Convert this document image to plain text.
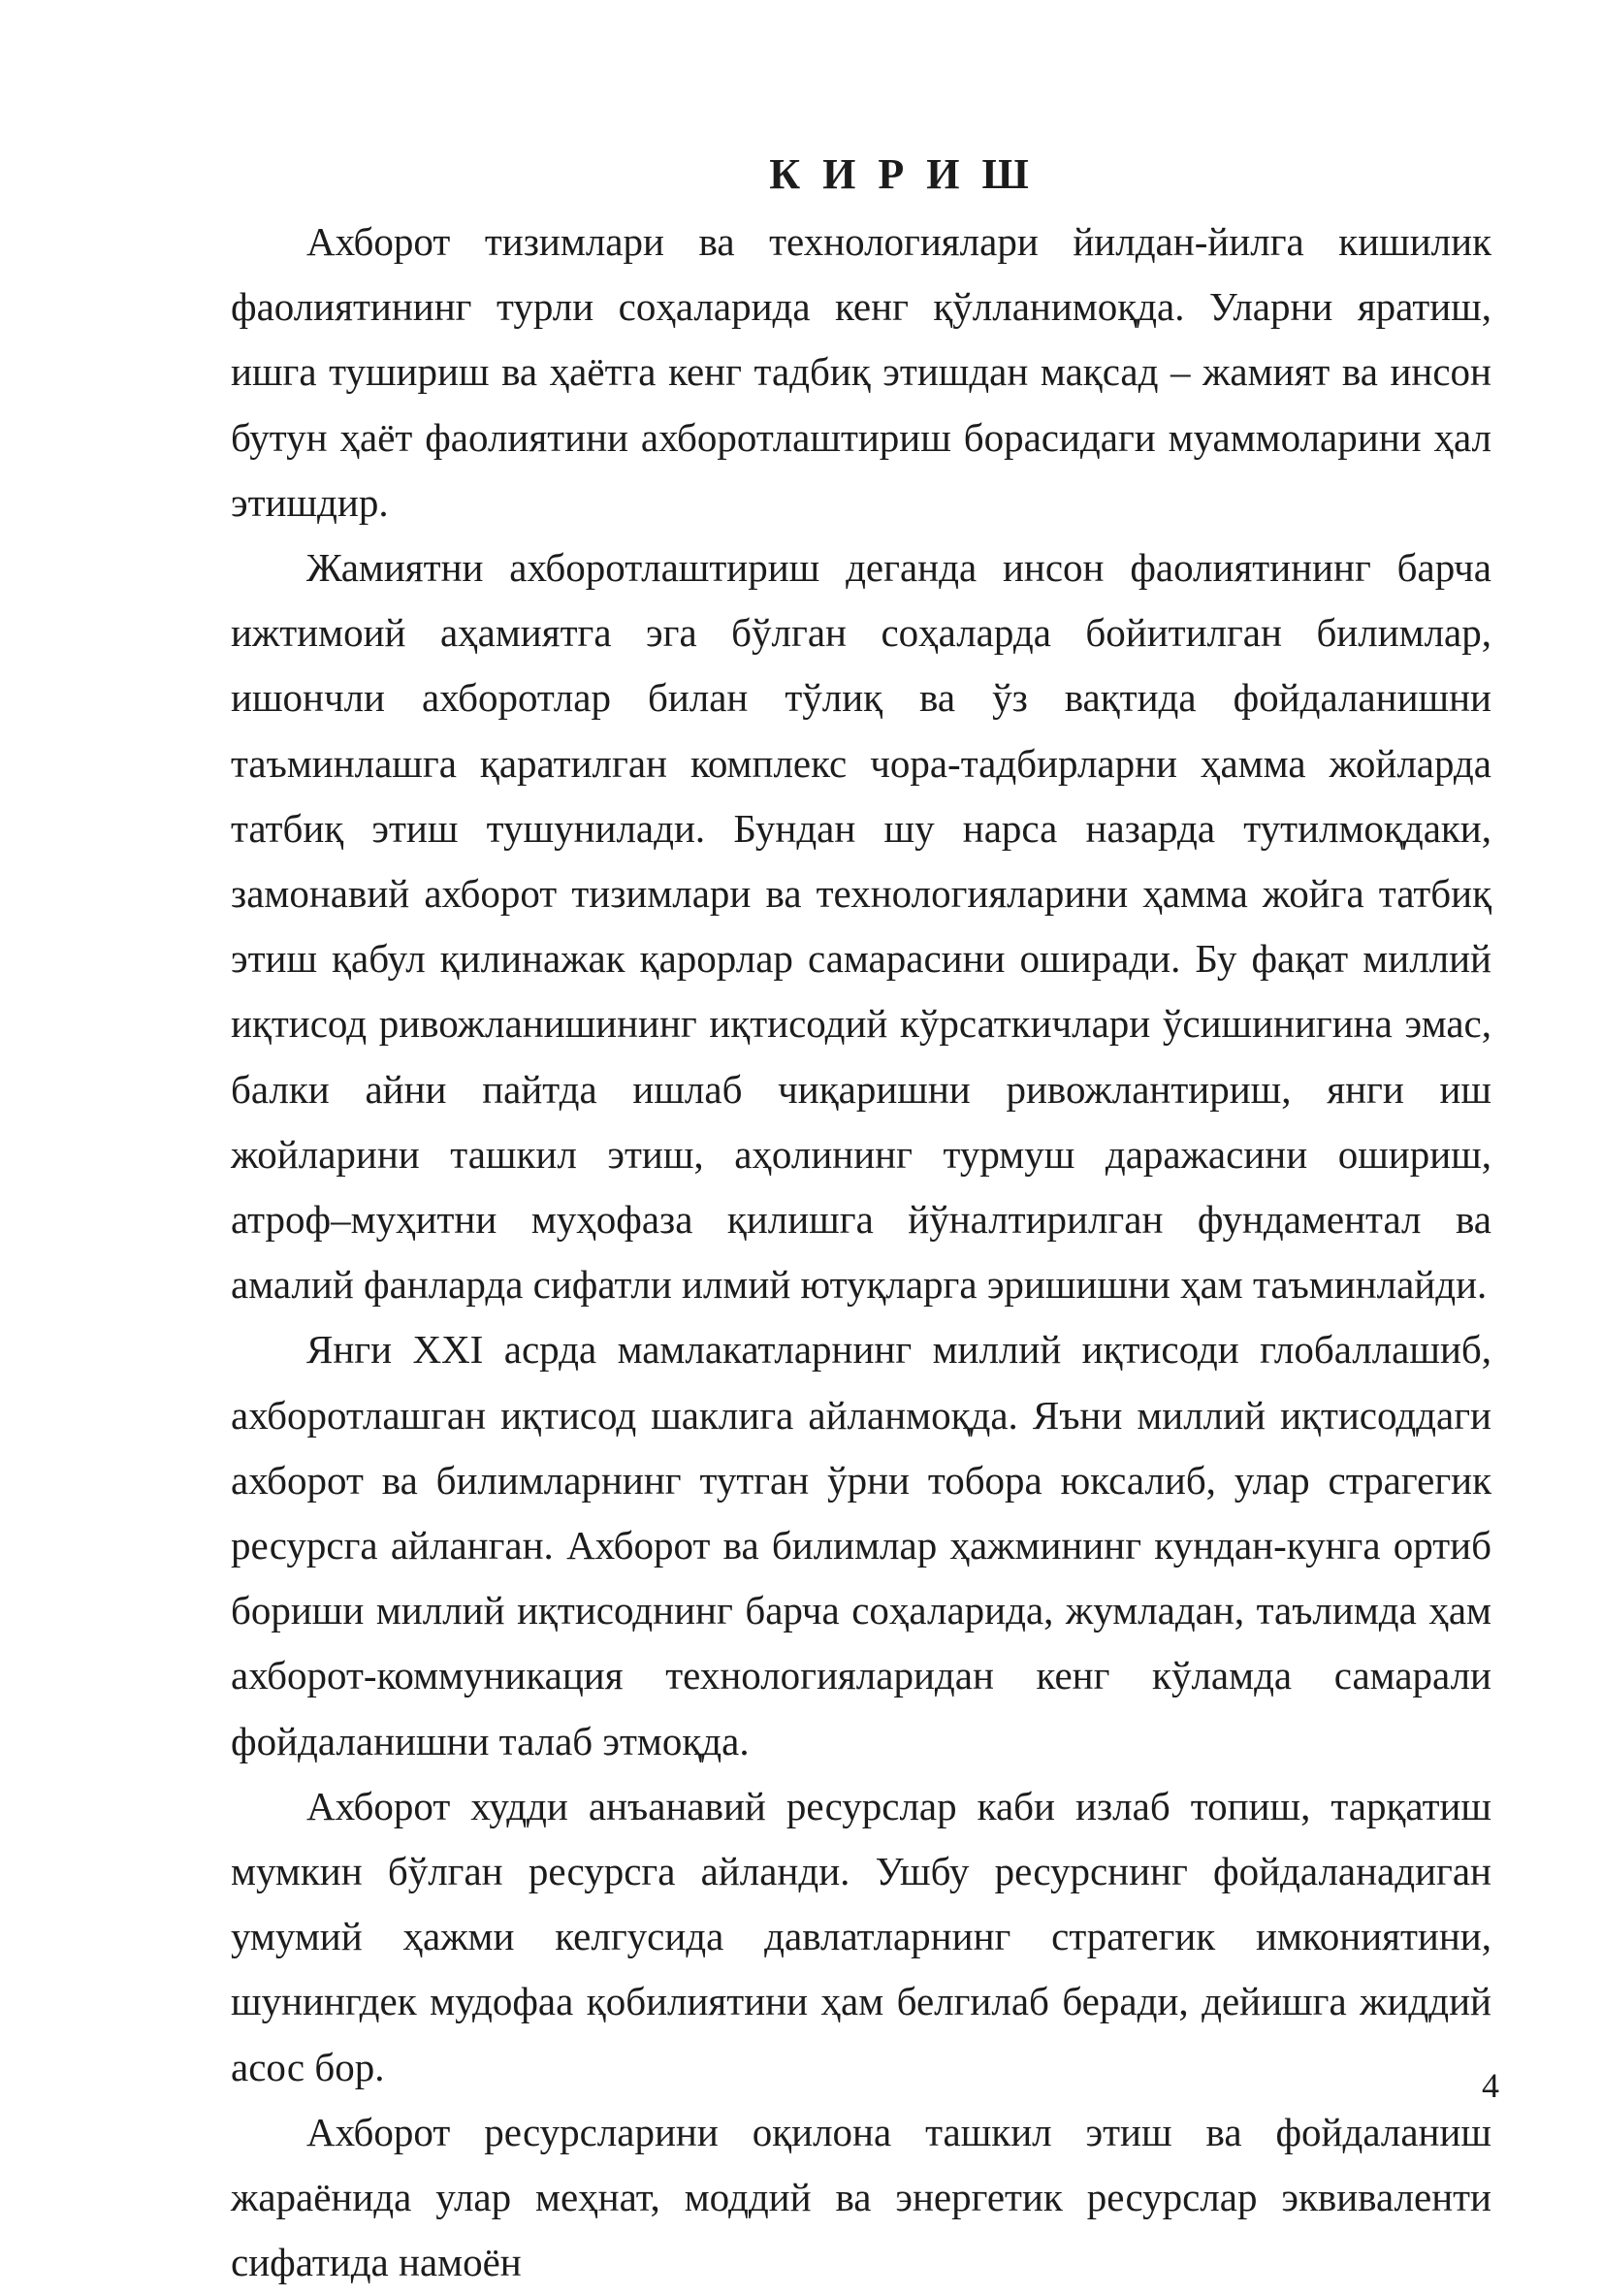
К И Р И Ш

Ахборот тизимлари ва технологиялари йилдан-йилга кишилик фаолиятининг турли соҳаларида кенг қўлланимоқда. Уларни яратиш, ишга тушириш ва ҳаётга кенг тадбиқ этишдан мақсад – жамият ва инсон бутун ҳаёт фаолиятини ахборотлаштириш борасидаги муаммоларини ҳал этишдир.

Жамиятни ахборотлаштириш деганда инсон фаолиятининг барча ижтимоий аҳамиятга эга бўлган соҳаларда бойитилган билимлар, ишончли ахборотлар билан тўлиқ ва ўз вақтида фойдаланишни таъминлашга қаратилган комплекс чора-тадбирларни ҳамма жойларда татбиқ этиш тушунилади. Бундан шу нарса назарда тутилмоқдаки, замонавий ахборот тизимлари ва технологияларини ҳамма жойга татбиқ этиш қабул қилинажак қарорлар самарасини оширади. Бу фақат миллий иқтисод ривожланишининг иқтисодий кўрсаткичлари ўсишинигина эмас, балки айни пайтда ишлаб чиқаришни ривожлантириш, янги иш жойларини ташкил этиш, аҳолининг турмуш даражасини ошириш, атроф–муҳитни муҳофаза қилишга йўналтирилган фундаментал ва амалий фанларда сифатли илмий ютуқларга эришишни ҳам таъминлайди.

Янги XXI асрда мамлакатларнинг миллий иқтисоди глобаллашиб, ахборотлашган иқтисод шаклига айланмоқда. Яъни миллий иқтисоддаги ахборот ва билимларнинг тутган ўрни тобора юксалиб, улар страгегик ресурсга айланган. Ахборот ва билимлар ҳажмининг кундан-кунга ортиб бориши миллий иқтисоднинг барча соҳаларида, жумладан, таълимда ҳам ахборот-коммуникация технологияларидан кенг кўламда самарали фойдаланишни талаб этмоқда.

Ахборот худди анъанавий ресурслар каби излаб топиш, тарқатиш мумкин бўлган ресурсга айланди. Ушбу ресурснинг фойдаланадиган умумий ҳажми келгусида давлатларнинг стратегик имкониятини, шунингдек мудофаа қобилиятини ҳам белгилаб беради, дейишга жиддий асос бор.

Ахборот ресурсларини оқилона ташкил этиш ва фойдаланиш жараёнида улар меҳнат, моддий ва энергетик ресурслар эквиваленти сифатида намоён

4
